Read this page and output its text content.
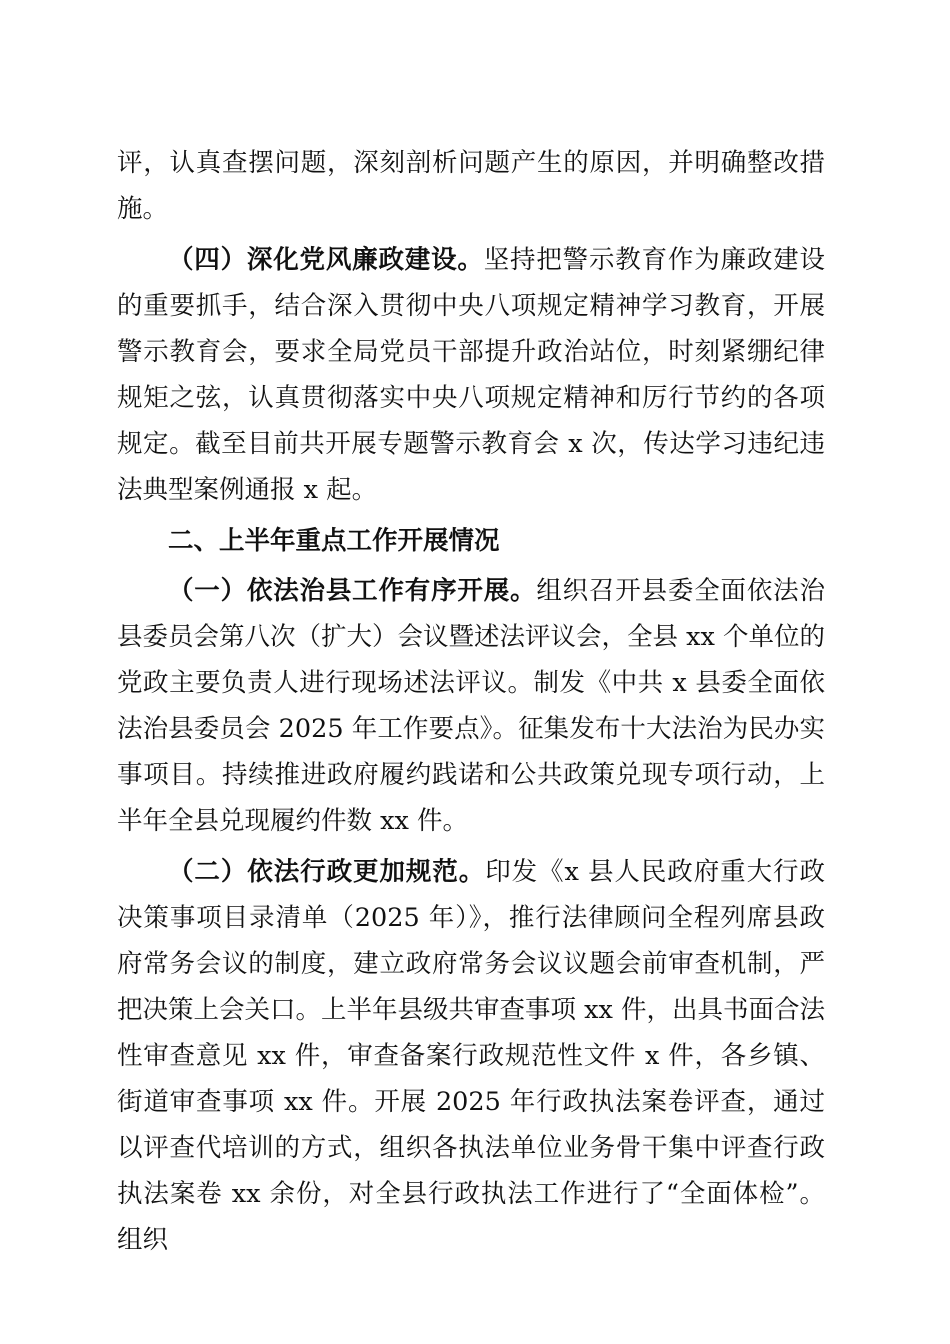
评，认真查摆问题，深刻剖析问题产生的原因，并明确整改措施。

（四）深化党风廉政建设。坚持把警示教育作为廉政建设的重要抓手，结合深入贯彻中央八项规定精神学习教育，开展警示教育会，要求全局党员干部提升政治站位，时刻紧绷纪律规矩之弦，认真贯彻落实中央八项规定精神和厉行节约的各项规定。截至目前共开展专题警示教育会 x 次，传达学习违纪违法典型案例通报 x 起。

二、上半年重点工作开展情况

（一）依法治县工作有序开展。组织召开县委全面依法治县委员会第八次（扩大）会议暨述法评议会，全县 xx 个单位的党政主要负责人进行现场述法评议。制发《中共 x 县委全面依法治县委员会 2025 年工作要点》。征集发布十大法治为民办实事项目。持续推进政府履约践诺和公共政策兑现专项行动，上半年全县兑现履约件数 xx 件。

（二）依法行政更加规范。印发《x 县人民政府重大行政决策事项目录清单（2025 年）》，推行法律顾问全程列席县政府常务会议的制度，建立政府常务会议议题会前审查机制，严把决策上会关口。上半年县级共审查事项 xx 件，出具书面合法性审查意见 xx 件，审查备案行政规范性文件 x 件，各乡镇、街道审查事项 xx 件。开展 2025 年行政执法案卷评查，通过以评查代培训的方式，组织各执法单位业务骨干集中评查行政执法案卷 xx 余份，对全县行政执法工作进行了“全面体检”。组织
